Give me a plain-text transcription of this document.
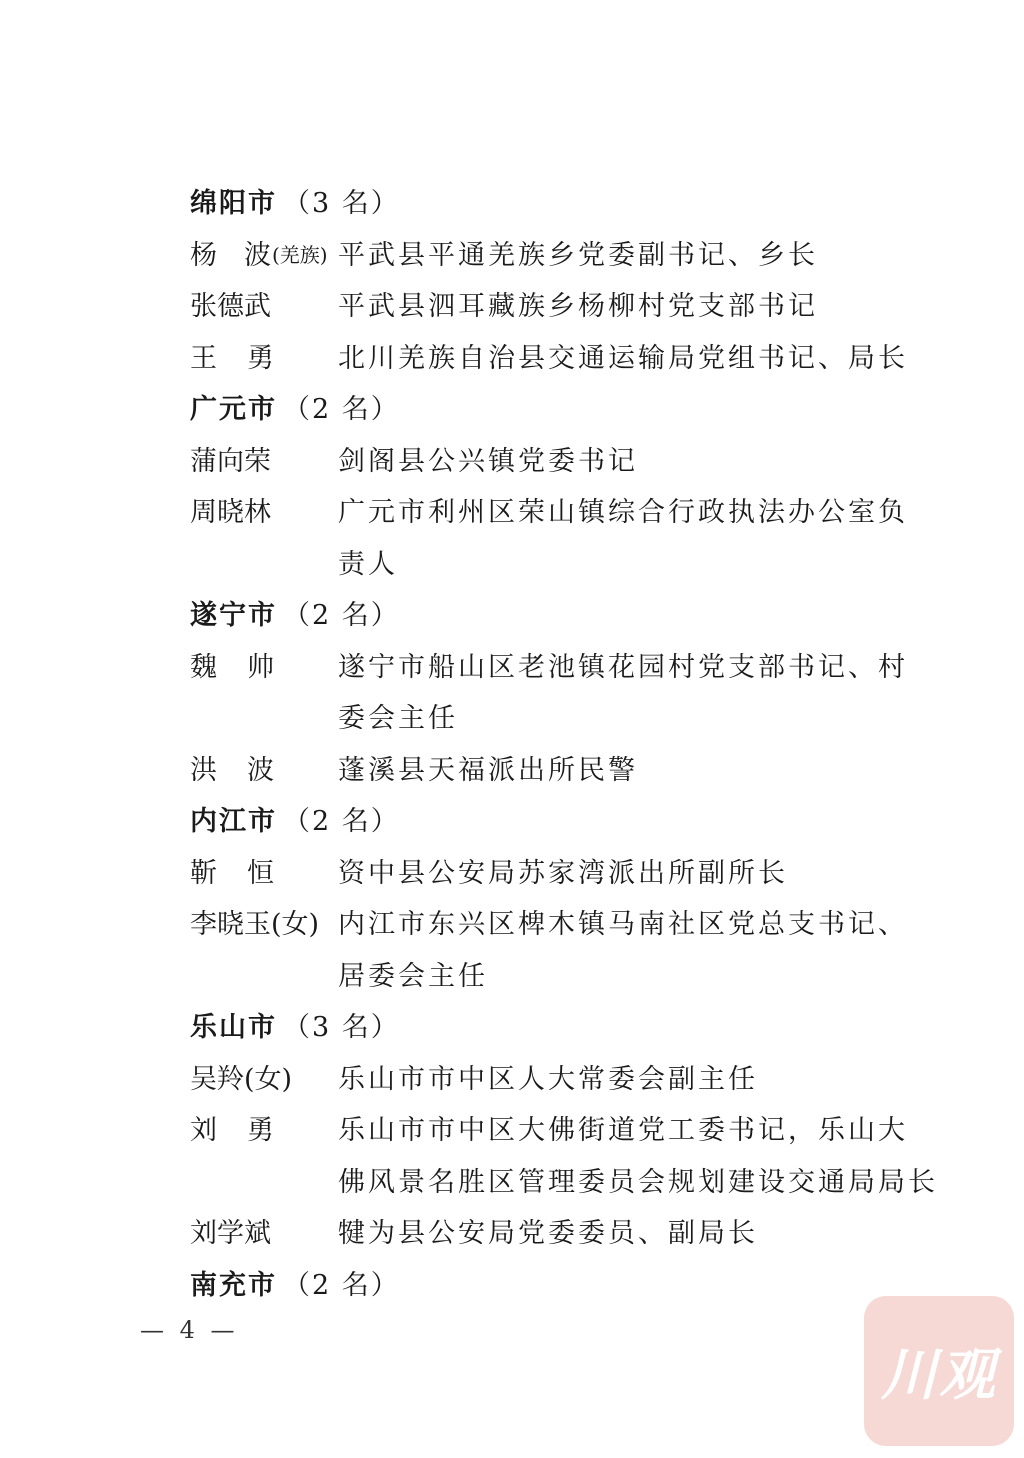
绵阳市 （3 名）
杨 波 (羌族) 平武县平通羌族乡党委副书记、乡长
张德武 平武县泗耳藏族乡杨柳村党支部书记
王 勇 北川羌族自治县交通运输局党组书记、局长
广元市 （2 名）
蒲向荣 剑阁县公兴镇党委书记
周晓林 广元市利州区荣山镇综合行政执法办公室负
责人
遂宁市 （2 名）
魏 帅 遂宁市船山区老池镇花园村党支部书记、村
委会主任
洪 波 蓬溪县天福派出所民警
内江市 （2 名）
靳 恒 资中县公安局苏家湾派出所副所长
李晓玉(女) 内江市东兴区椑木镇马南社区党总支书记、
居委会主任
乐山市 （3 名）
吴 羚(女) 乐山市市中区人大常委会副主任
刘 勇 乐山市市中区大佛街道党工委书记，乐山大
佛风景名胜区管理委员会规划建设交通局局长
刘学斌 犍为县公安局党委委员、副局长
南充市 （2 名）
— 4 —
川观
